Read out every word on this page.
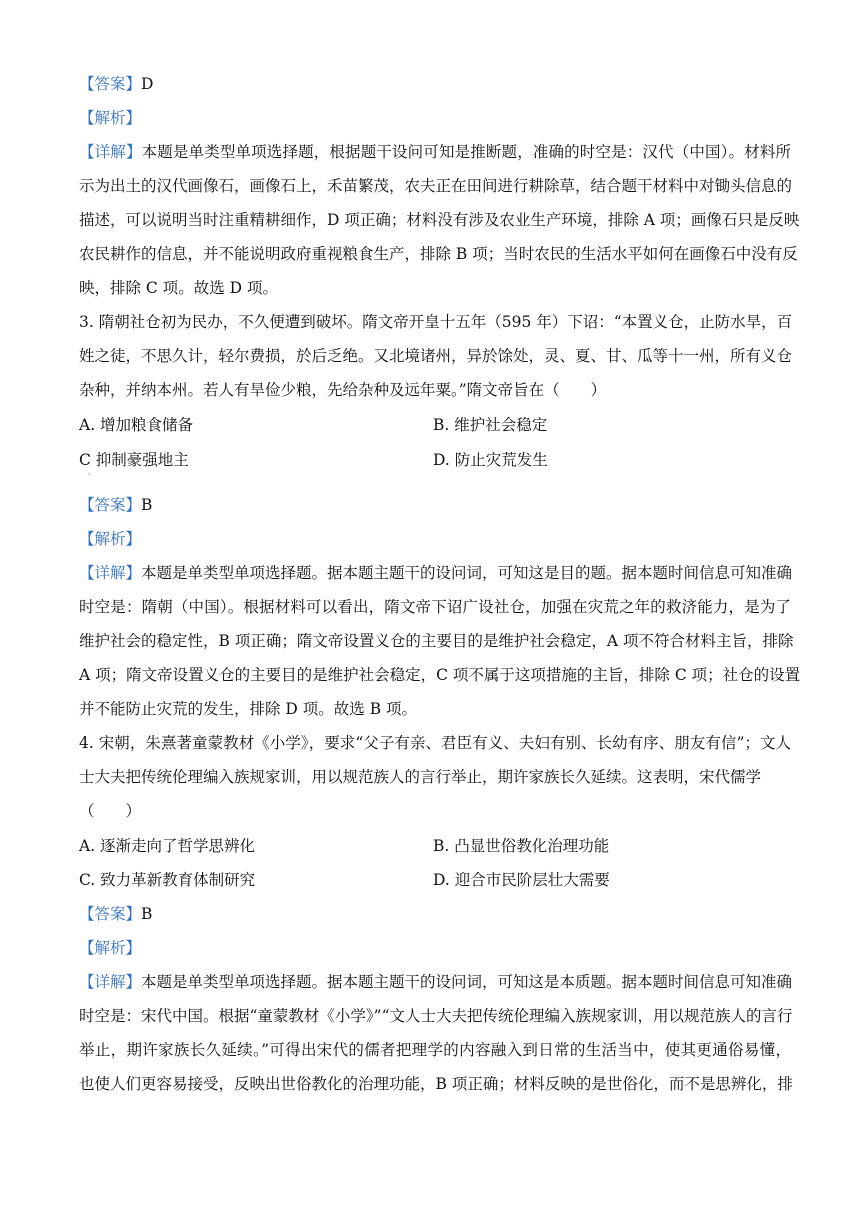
【答案】D
【解析】
【详解】本题是单类型单项选择题，根据题干设问可知是推断题，准确的时空是：汉代（中国）。材料所
示为出土的汉代画像石，画像石上，禾苗繁茂，农夫正在田间进行耕除草，结合题干材料中对锄头信息的
描述，可以说明当时注重精耕细作，D 项正确；材料没有涉及农业生产环境，排除 A 项；画像石只是反映
农民耕作的信息，并不能说明政府重视粮食生产，排除 B 项；当时农民的生活水平如何在画像石中没有反
映，排除 C 项。故选 D 项。
3. 隋朝社仓初为民办，不久便遭到破坏。隋文帝开皇十五年（595 年）下诏：“本置义仓，止防水旱，百
姓之徒，不思久计，轻尔费损，於后乏绝。又北境诸州，异於馀处，灵、夏、甘、瓜等十一州，所有义仓
杂种，并纳本州。若人有旱俭少粮，先给杂种及远年粟。”隋文帝旨在（　　）
A. 增加粮食储备	B. 维护社会稳定
C 抑制豪强地主	D. 防止灾荒发生
·
【答案】B
【解析】
【详解】本题是单类型单项选择题。据本题主题干的设问词，可知这是目的题。据本题时间信息可知准确
时空是：隋朝（中国）。根据材料可以看出，隋文帝下诏广设社仓，加强在灾荒之年的救济能力，是为了
维护社会的稳定性，B 项正确；隋文帝设置义仓的主要目的是维护社会稳定，A 项不符合材料主旨，排除
A 项；隋文帝设置义仓的主要目的是维护社会稳定，C 项不属于这项措施的主旨，排除 C 项；社仓的设置
并不能防止灾荒的发生，排除 D 项。故选 B 项。
4. 宋朝，朱熹著童蒙教材《小学》，要求“父子有亲、君臣有义、夫妇有别、长幼有序、朋友有信”；文人
士大夫把传统伦理编入族规家训，用以规范族人的言行举止，期许家族长久延续。这表明，宋代儒学
（　　）
A. 逐渐走向了哲学思辨化	B. 凸显世俗教化治理功能
C. 致力革新教育体制研究	D. 迎合市民阶层壮大需要
【答案】B
【解析】
【详解】本题是单类型单项选择题。据本题主题干的设问词，可知这是本质题。据本题时间信息可知准确
时空是：宋代中国。根据“童蒙教材《小学》”“文人士大夫把传统伦理编入族规家训，用以规范族人的言行
举止，期许家族长久延续。”可得出宋代的儒者把理学的内容融入到日常的生活当中，使其更通俗易懂，
也使人们更容易接受，反映出世俗教化的治理功能，B 项正确；材料反映的是世俗化，而不是思辨化，排
